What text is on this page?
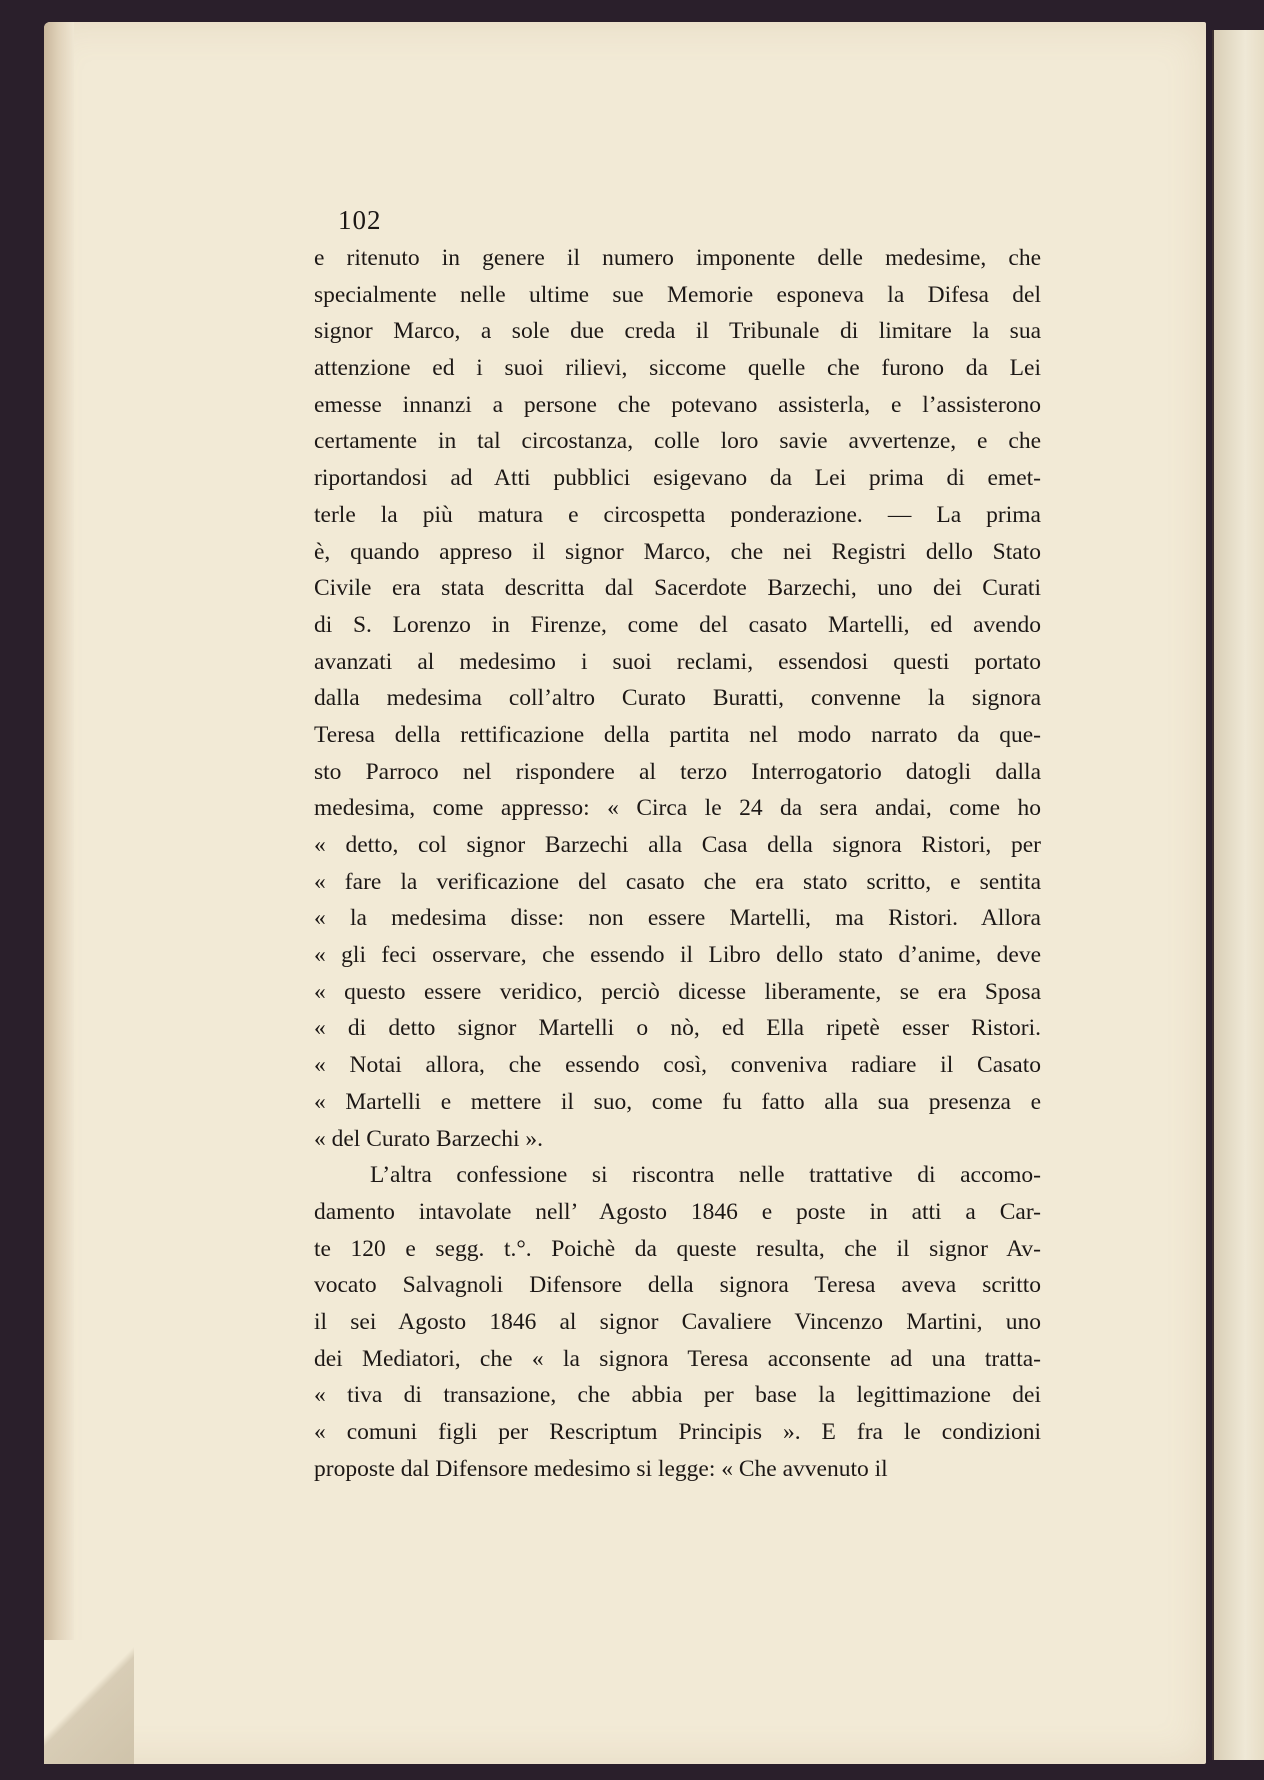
102
e ritenuto in genere il numero imponente delle medesime, che
specialmente nelle ultime sue Memorie esponeva la Difesa del
signor Marco, a sole due creda il Tribunale di limitare la sua
attenzione ed i suoi rilievi, siccome quelle che furono da Lei
emesse innanzi a persone che potevano assisterla, e l’assisterono
certamente in tal circostanza, colle loro savie avvertenze, e che
riportandosi ad Atti pubblici esigevano da Lei prima di emet-
terle la più matura e circospetta ponderazione. — La prima
è, quando appreso il signor Marco, che nei Registri dello Stato
Civile era stata descritta dal Sacerdote Barzechi, uno dei Curati
di S. Lorenzo in Firenze, come del casato Martelli, ed avendo
avanzati al medesimo i suoi reclami, essendosi questi portato
dalla medesima coll’altro Curato Buratti, convenne la signora
Teresa della rettificazione della partita nel modo narrato da que-
sto Parroco nel rispondere al terzo Interrogatorio datogli dalla
medesima, come appresso: « Circa le 24 da sera andai, come ho
« detto, col signor Barzechi alla Casa della signora Ristori, per
« fare la verificazione del casato che era stato scritto, e sentita
« la medesima disse: non essere Martelli, ma Ristori. Allora
« gli feci osservare, che essendo il Libro dello stato d’anime, deve
« questo essere veridico, perciò dicesse liberamente, se era Sposa
« di detto signor Martelli o nò, ed Ella ripetè esser Ristori.
« Notai allora, che essendo così, conveniva radiare il Casato
« Martelli e mettere il suo, come fu fatto alla sua presenza e
« del Curato Barzechi ».
L’altra confessione si riscontra nelle trattative di accomo-
damento intavolate nell’ Agosto 1846 e poste in atti a Car-
te 120 e segg. t.°. Poichè da queste resulta, che il signor Av-
vocato Salvagnoli Difensore della signora Teresa aveva scritto
il sei Agosto 1846 al signor Cavaliere Vincenzo Martini, uno
dei Mediatori, che « la signora Teresa acconsente ad una tratta-
« tiva di transazione, che abbia per base la legittimazione dei
« comuni figli per Rescriptum Principis ». E fra le condizioni
proposte dal Difensore medesimo si legge: « Che avvenuto il
